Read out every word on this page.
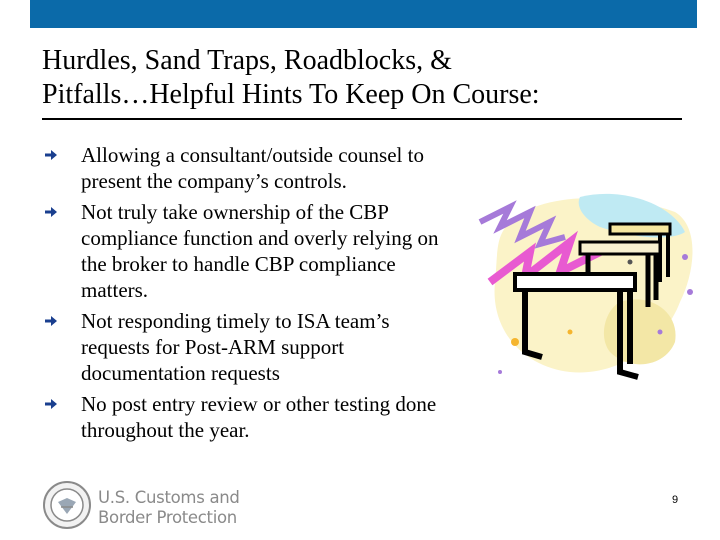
Hurdles, Sand Traps, Roadblocks, &
Pitfalls…Helpful Hints To Keep On Course:
Allowing a consultant/outside counsel to present the company’s controls.
Not truly take ownership of the CBP compliance function and overly relying on the broker to handle CBP compliance matters.
Not responding timely to ISA team’s requests for Post-ARM support documentation requests
No post entry review or other testing done throughout the year.
U.S. Customs and
Border Protection
9
